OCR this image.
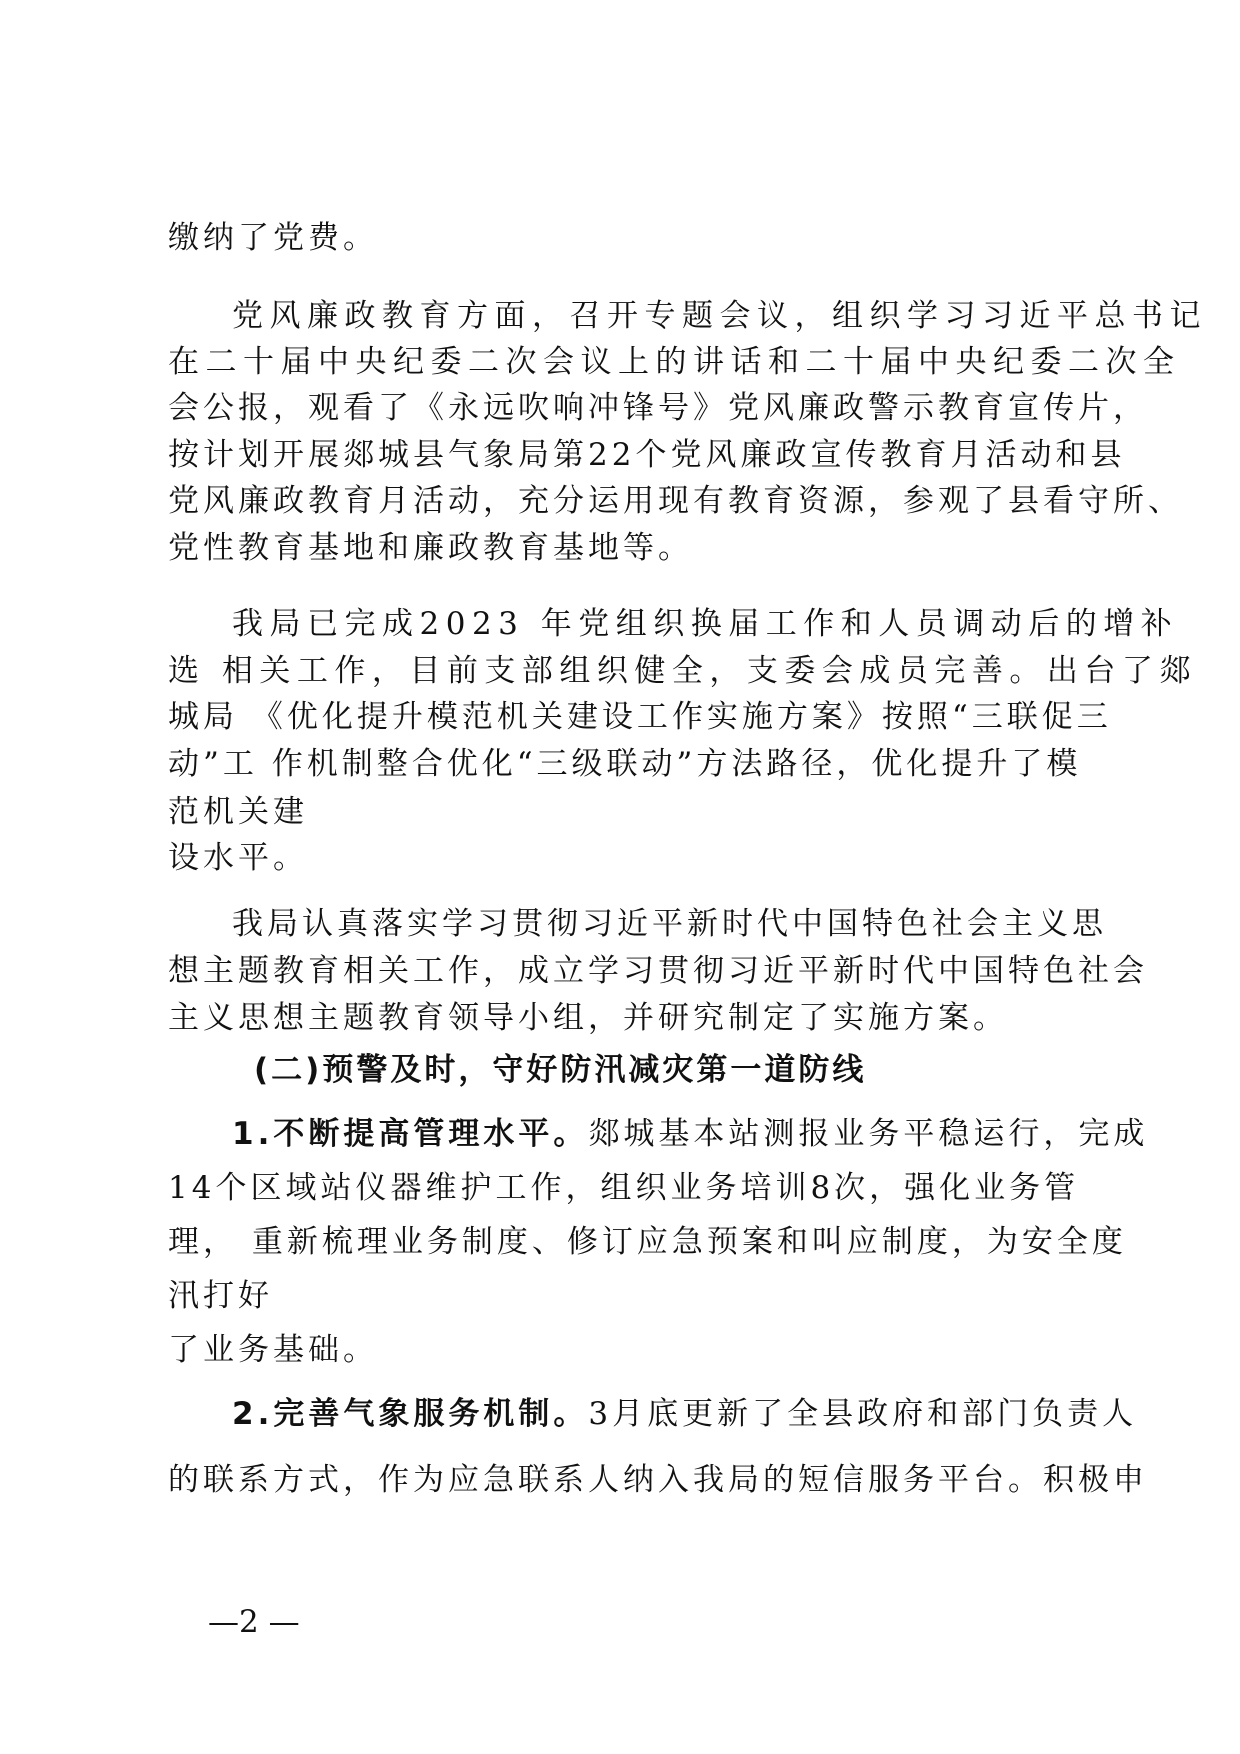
缴纳了党费。

党风廉政教育方面，召开专题会议，组织学习习近平总书记

在二十届中央纪委二次会议上的讲话和二十届中央纪委二次全

会公报，观看了《永远吹响冲锋号》党风廉政警示教育宣传片，

按计划开展郯城县气象局第22个党风廉政宣传教育月活动和县

党风廉政教育月活动，充分运用现有教育资源，参观了县看守所、

党性教育基地和廉政教育基地等。

我局已完成2023 年党组织换届工作和人员调动后的增补

选 相关工作，目前支部组织健全，支委会成员完善。出台了郯

城局 《优化提升模范机关建设工作实施方案》按照“三联促三

动”工 作机制整合优化“三级联动”方法路径，优化提升了模

范机关建

设水平。

我局认真落实学习贯彻习近平新时代中国特色社会主义思

想主题教育相关工作，成立学习贯彻习近平新时代中国特色社会

主义思想主题教育领导小组，并研究制定了实施方案。

(二)预警及时，守好防汛减灾第一道防线

1.不断提高管理水平。郯城基本站测报业务平稳运行，完成

14个区域站仪器维护工作，组织业务培训8次，强化业务管

理， 重新梳理业务制度、修订应急预案和叫应制度，为安全度

汛打好

了业务基础。

2.完善气象服务机制。3月底更新了全县政府和部门负责人

的联系方式，作为应急联系人纳入我局的短信服务平台。积极申

—2 —
